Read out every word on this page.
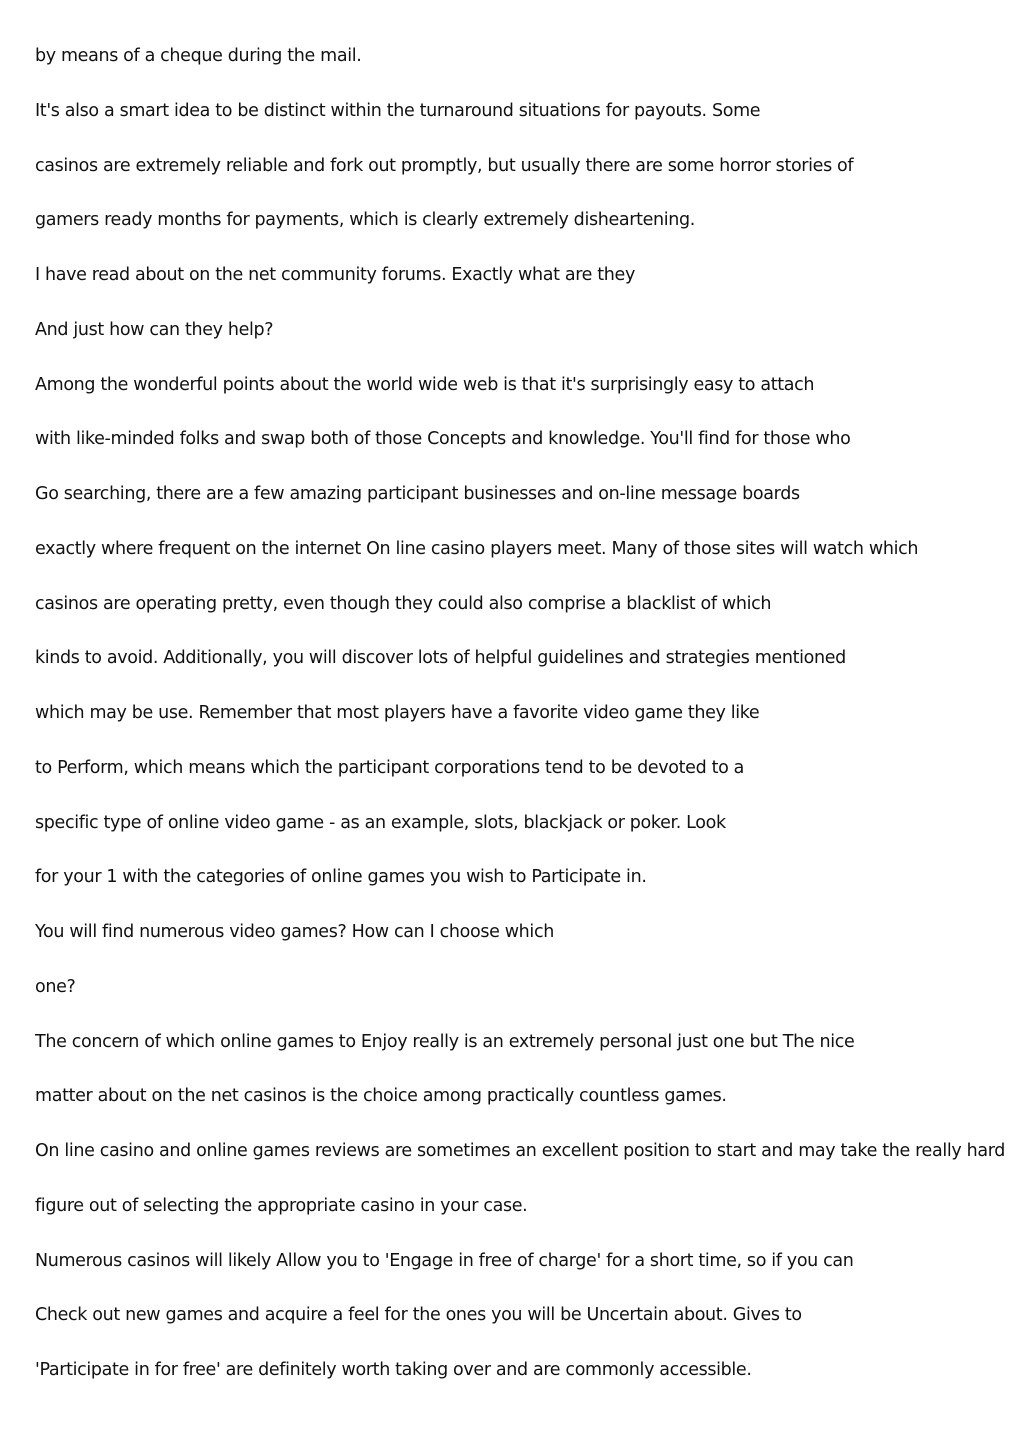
by means of a cheque during the mail.
It's also a smart idea to be distinct within the turnaround situations for payouts. Some
casinos are extremely reliable and fork out promptly, but usually there are some horror stories of
gamers ready months for payments, which is clearly extremely disheartening.
I have read about on the net community forums. Exactly what are they
And just how can they help?
Among the wonderful points about the world wide web is that it's surprisingly easy to attach
with like-minded folks and swap both of those Concepts and knowledge. You'll find for those who
Go searching, there are a few amazing participant businesses and on-line message boards
exactly where frequent on the internet On line casino players meet. Many of those sites will watch which
casinos are operating pretty, even though they could also comprise a blacklist of which
kinds to avoid. Additionally, you will discover lots of helpful guidelines and strategies mentioned
which may be use. Remember that most players have a favorite video game they like
to Perform, which means which the participant corporations tend to be devoted to a
specific type of online video game - as an example, slots, blackjack or poker. Look
for your 1 with the categories of online games you wish to Participate in.
You will find numerous video games? How can I choose which
one?
The concern of which online games to Enjoy really is an extremely personal just one but The nice
matter about on the net casinos is the choice among practically countless games.
On line casino and online games reviews are sometimes an excellent position to start and may take the really hard
figure out of selecting the appropriate casino in your case.
Numerous casinos will likely Allow you to 'Engage in free of charge' for a short time, so if you can
Check out new games and acquire a feel for the ones you will be Uncertain about. Gives to
'Participate in for free' are definitely worth taking over and are commonly accessible.
